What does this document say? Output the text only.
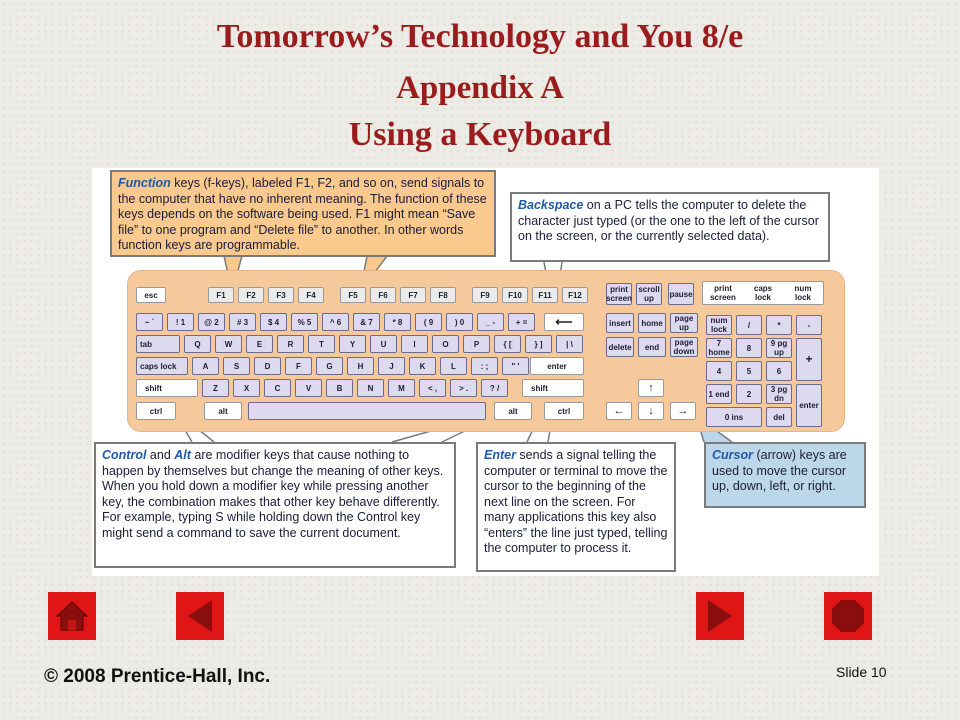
Tomorrow’s Technology and You 8/e
Appendix A
Using a Keyboard
Function keys (f-keys), labeled F1, F2, and so on, send signals to the computer that have no inherent meaning. The function of these keys depends on the software being used. F1 might mean “Save file” to one program and “Delete file” to another. In other words function keys are programmable.
Backspace on a PC tells the computer to delete the character just typed (or the one to the left of the cursor on the screen, or the currently selected data).
esc	F1	F2	F3	F4	F5	F6	F7	F8	F9	F10	F11	F12
print screen
scroll up	pause
print screen
caps lock
num lock
~ `	! 1	@ 2	# 3	$ 4	% 5	^ 6	& 7	* 8	( 9	) 0	_ -	+ =	⟵
tab	Q	W	E	R	T	Y	U	I	O	P	{ [	} ]	| \
caps lock	A	S	D	F	G	H	J	K	L	: ;	" '	enter
shift	Z	X	C	V	B	N	M	< ,	> .	? /	shift
ctrl	alt	alt	ctrl
insert	home	page up
delete	end	page down
↑
←	↓	→
num lock	/	*	-
7 home	8	9 pg up	+
4	5	6
1 end	2	3 pg dn
enter
0 ins	del
Control and Alt are modifier keys that cause nothing to happen by themselves but change the meaning of other keys. When you hold down a modifier key while pressing another key, the combination makes that other key behave differently. For example, typing S while holding down the Control key might send a command to save the current document.
Enter sends a signal telling the computer or terminal to move the cursor to the beginning of the next line on the screen. For many applications this key also “enters” the line just typed, telling the computer to process it.
Cursor (arrow) keys are used to move the cursor up, down, left, or right.
© 2008 Prentice-Hall, Inc.	Slide 10
